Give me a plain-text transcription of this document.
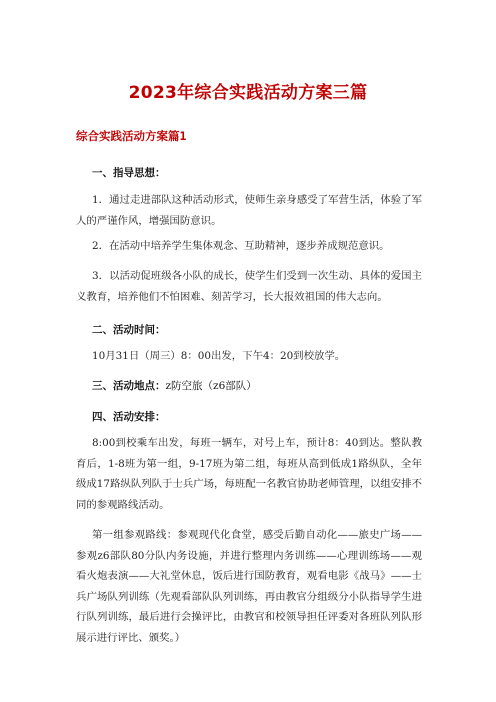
2023年综合实践活动方案三篇
综合实践活动方案篇1
一、指导思想：
1．通过走进部队这种活动形式，使师生亲身感受了军营生活，体验了军人的严谨作风，增强国防意识。
2．在活动中培养学生集体观念、互助精神，逐步养成规范意识。
3．以活动促班级各小队的成长，使学生们受到一次生动、具体的爱国主义教育，培养他们不怕困难、刻苦学习，长大报效祖国的伟大志向。
二、活动时间：
10月31日（周三）8：00出发，下午4：20到校放学。
三、活动地点：z防空旅（z6部队）
四、活动安排：
8:00到校乘车出发，每班一辆车，对号上车，预计8：40到达。整队教育后，1-8班为第一组，9-17班为第二组，每班从高到低成1路纵队，全年级成17路纵队列队于士兵广场，每班配一名教官协助老师管理，以组安排不同的参观路线活动。
第一组参观路线：参观现代化食堂，感受后勤自动化——旅史广场——参观z6部队80分队内务设施，并进行整理内务训练——心理训练场——观看火炮表演——大礼堂休息，饭后进行国防教育，观看电影《战马》——士兵广场队列训练（先观看部队队列训练，再由教官分组级分小队指导学生进行队列训练，最后进行会操评比，由教官和校领导担任评委对各班队列队形展示进行评比、颁奖。）
